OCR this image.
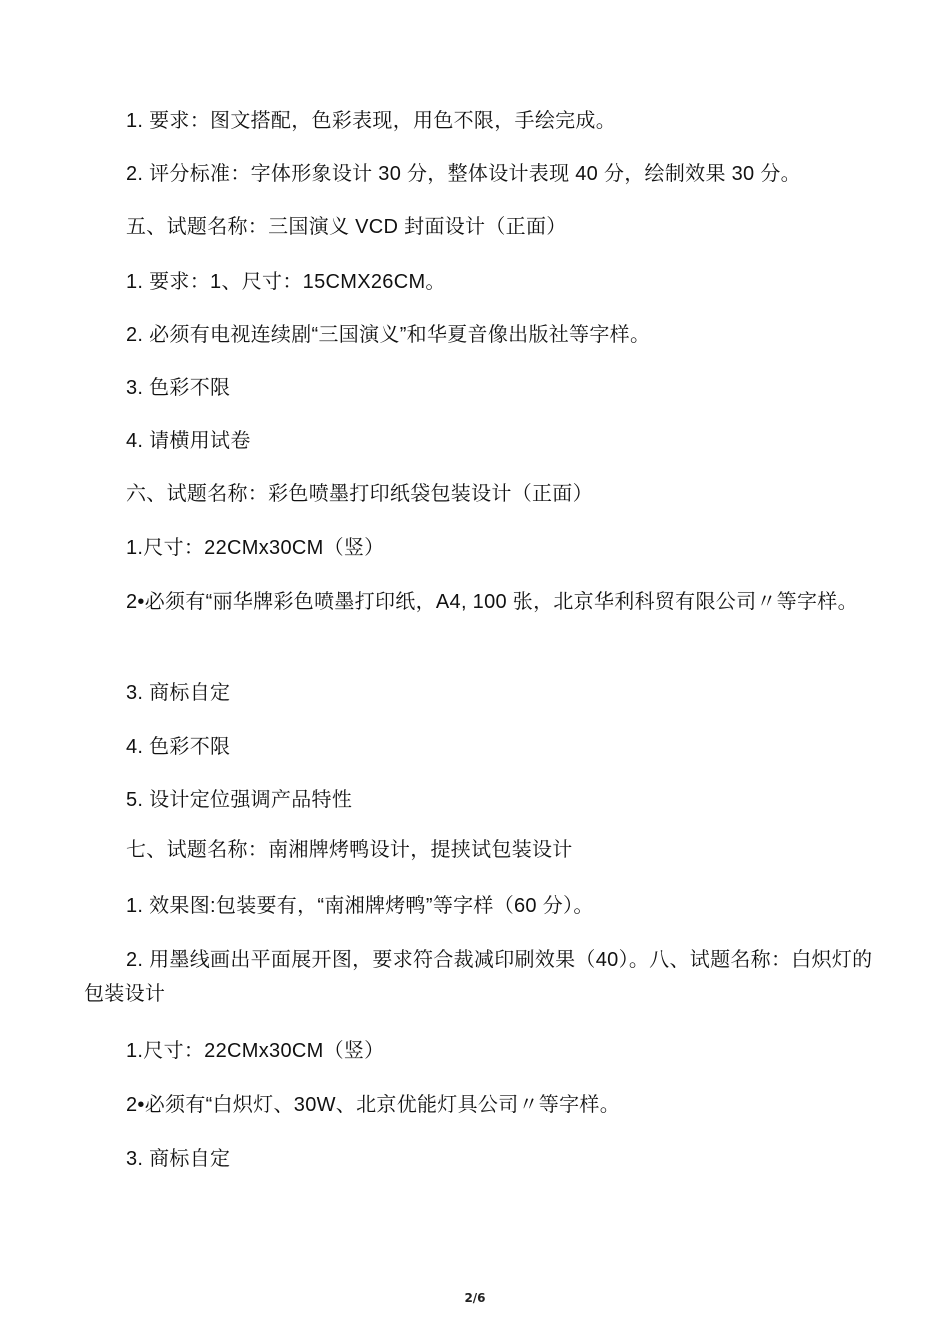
1. 要求：图文搭配，色彩表现，用色不限，手绘完成。

2. 评分标准：字体形象设计 30 分，整体设计表现 40 分，绘制效果 30 分。

五、试题名称：三国演义 VCD 封面设计（正面）

1. 要求：1、尺寸：15CMX26CM。

2. 必须有电视连续剧“三国演义”和华夏音像出版社等字样。

3. 色彩不限

4. 请横用试卷

六、试题名称：彩色喷墨打印纸袋包装设计（正面）

1.尺寸：22CMx30CM（竖）

2•必须有“丽华牌彩色喷墨打印纸，A4, 100 张，北京华利科贸有限公司〃等字样。

3. 商标自定

4. 色彩不限

5. 设计定位强调产品特性

七、试题名称：南湘牌烤鸭设计，提挟试包装设计

1. 效果图:包装要有，“南湘牌烤鸭”等字样（60 分）。

2. 用墨线画出平面展开图，要求符合裁减印刷效果（40）。八、试题名称：白炽灯的包装设计

1.尺寸：22CMx30CM（竖）

2•必须有“白炽灯、30W、北京优能灯具公司〃等字样。

3. 商标自定

2/6
